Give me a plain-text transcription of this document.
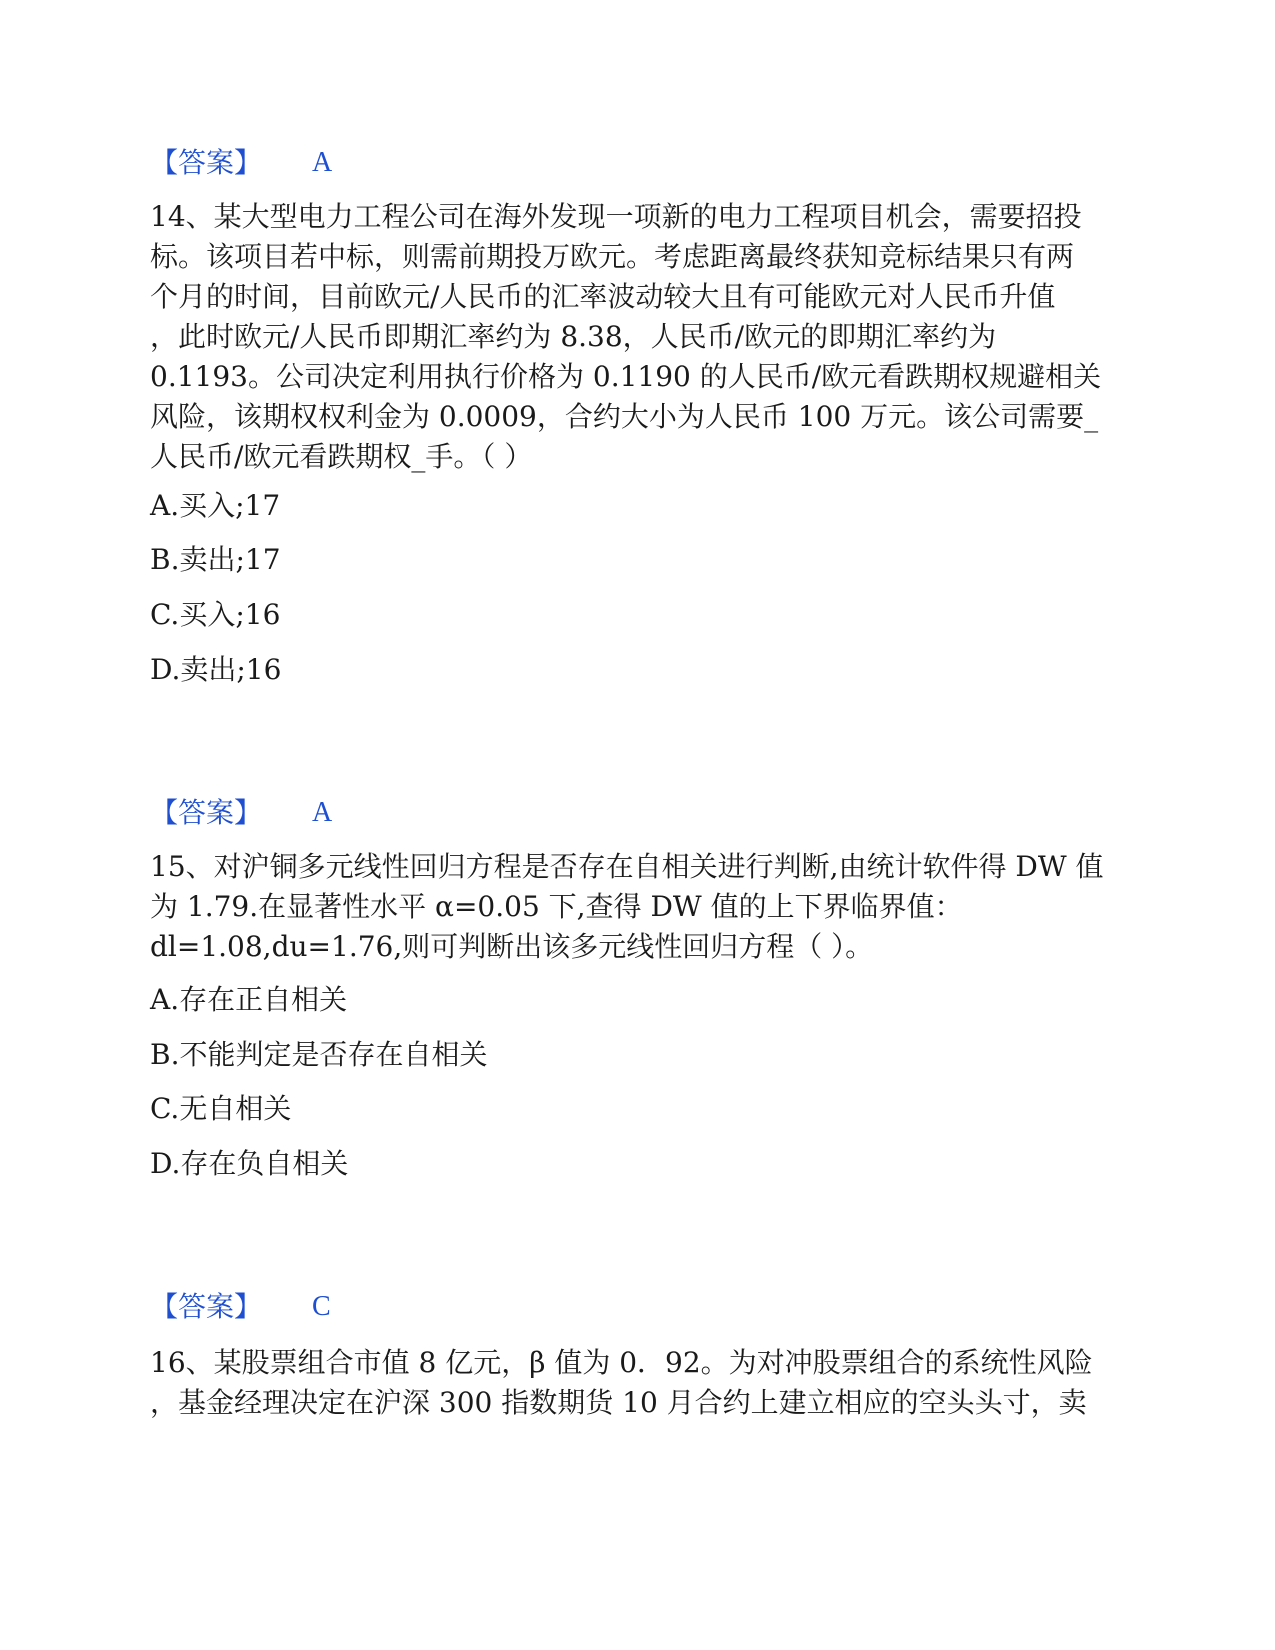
【答案】 A
14、某大型电力工程公司在海外发现一项新的电力工程项目机会，需要招投
标。该项目若中标，则需前期投万欧元。考虑距离最终获知竞标结果只有两
个月的时间，目前欧元/人民币的汇率波动较大且有可能欧元对人民币升值
，此时欧元/人民币即期汇率约为 8.38，人民币/欧元的即期汇率约为
0.1193。公司决定利用执行价格为 0.1190 的人民币/欧元看跌期权规避相关
风险，该期权权利金为 0.0009，合约大小为人民币 100 万元。该公司需要_
人民币/欧元看跌期权_手。（ ）
A.买入;17
B.卖出;17
C.买入;16
D.卖出;16
【答案】 A
15、对沪铜多元线性回归方程是否存在自相关进行判断,由统计软件得 DW 值
为 1.79.在显著性水平 α=0.05 下,查得 DW 值的上下界临界值：
dl=1.08,du=1.76,则可判断出该多元线性回归方程（ ）。
A.存在正自相关
B.不能判定是否存在自相关
C.无自相关
D.存在负自相关
【答案】 C
16、某股票组合市值 8 亿元，β 值为 0．92。为对冲股票组合的系统性风险
，基金经理决定在沪深 300 指数期货 10 月合约上建立相应的空头头寸，卖
